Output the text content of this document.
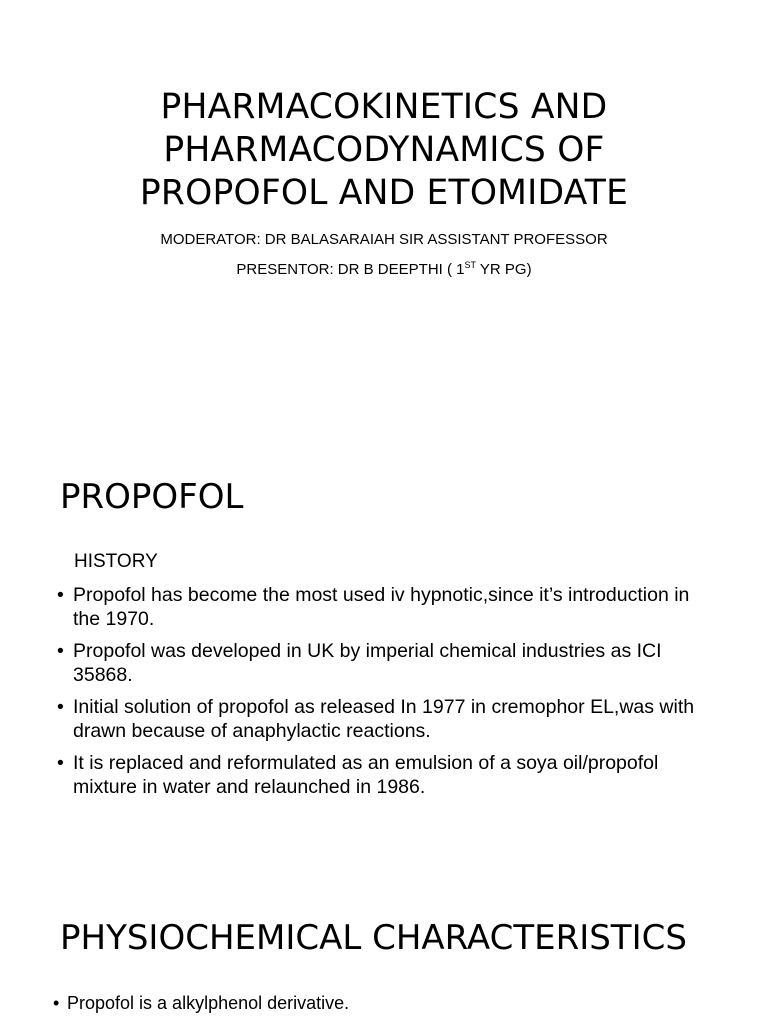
PHARMACOKINETICS AND
PHARMACODYNAMICS OF
PROPOFOL AND ETOMIDATE
MODERATOR: DR BALASARAIAH SIR ASSISTANT PROFESSOR
PRESENTOR: DR B DEEPTHI ( 1ST YR PG)
PROPOFOL
HISTORY
• Propofol has become the most used iv hypnotic,since it’s introduction in the 1970.
• Propofol was developed in UK by imperial chemical industries as ICI 35868.
• Initial solution of propofol as released In 1977 in cremophor EL,was with drawn because of anaphylactic reactions.
• It is replaced and reformulated as an emulsion of a soya oil/propofol mixture in water and relaunched in 1986.
PHYSIOCHEMICAL CHARACTERISTICS
• Propofol is a alkylphenol derivative.
